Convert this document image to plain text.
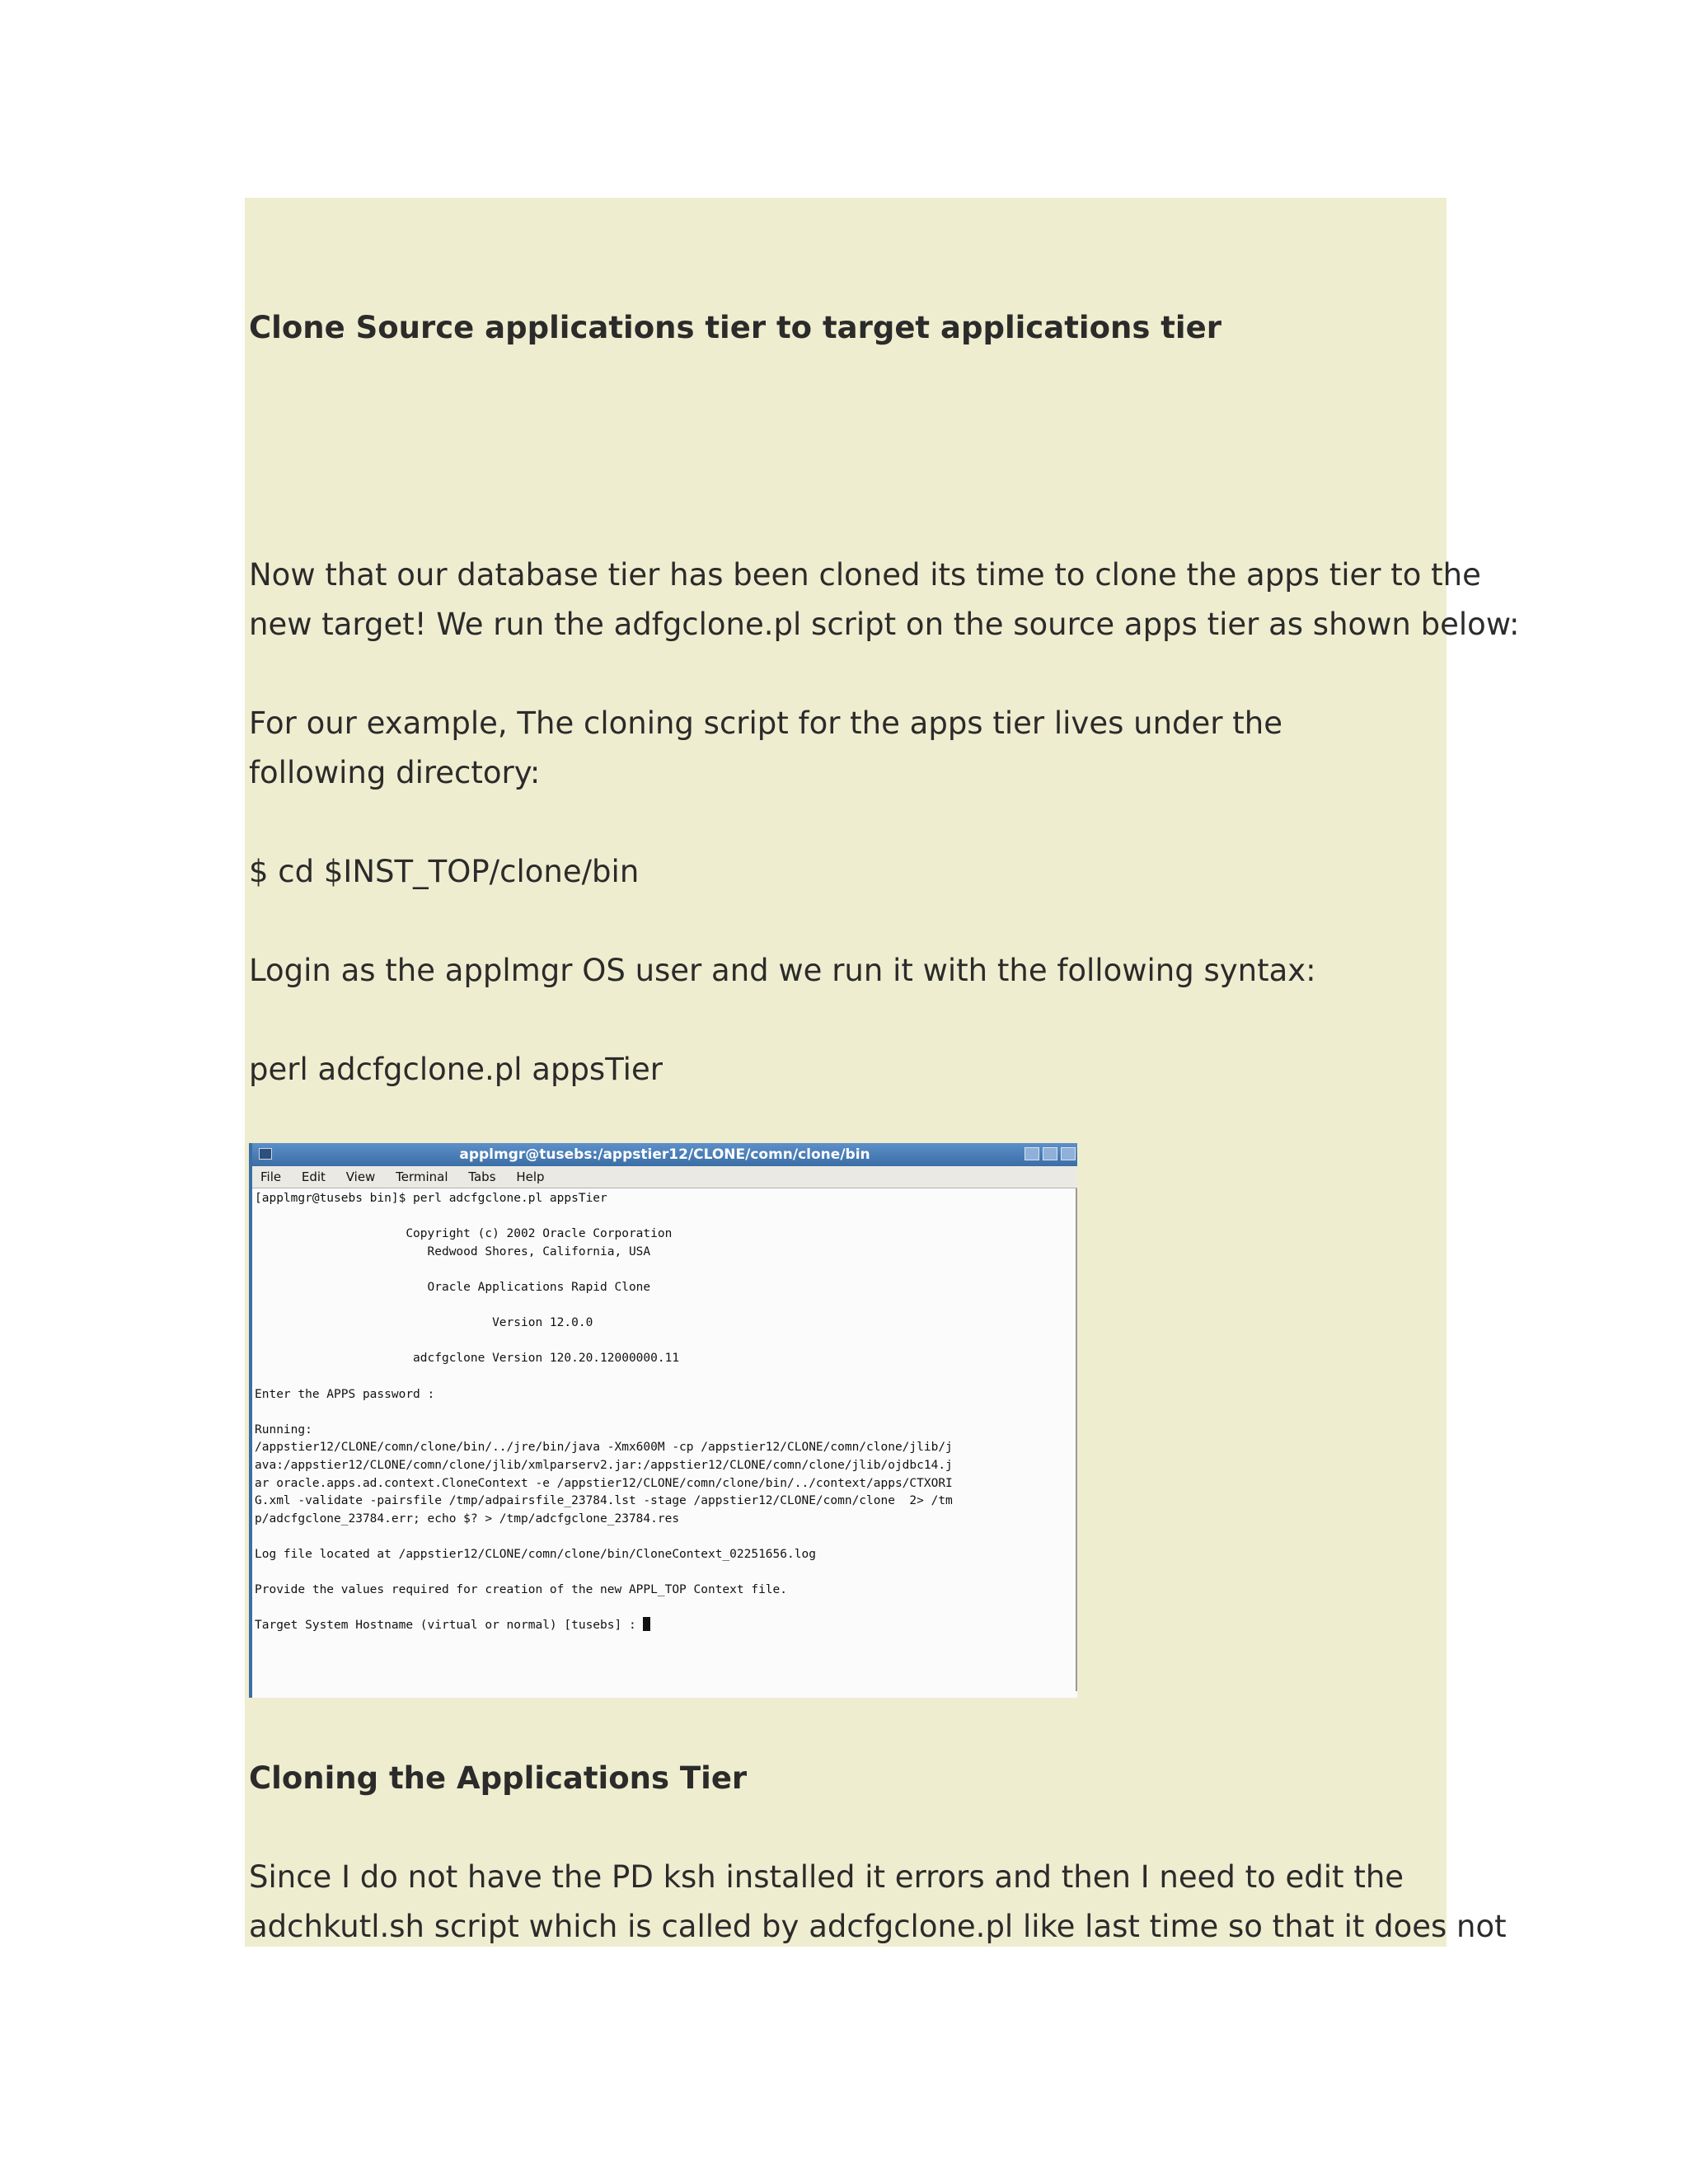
Clone Source applications tier to target applications tier

Now that our database tier has been cloned its time to clone the apps tier to the

new target! We run the adfgclone.pl script on the source apps tier as shown below:

For our example, The cloning script for the apps tier lives under the

following directory:

$ cd $INST_TOP/clone/bin

Login as the applmgr OS user and we run it with the following syntax:

perl adcfgclone.pl appsTier

applmgr@tusebs:/appstier12/CLONE/comn/clone/bin
File Edit View Terminal Tabs Help
[applmgr@tusebs bin]$ perl adcfgclone.pl appsTier

Copyright (c) 2002 Oracle Corporation
Redwood Shores, California, USA

Oracle Applications Rapid Clone

Version 12.0.0

adcfgclone Version 120.20.12000000.11

Enter the APPS password :

Running:
/appstier12/CLONE/comn/clone/bin/../jre/bin/java -Xmx600M -cp /appstier12/CLONE/comn/clone/jlib/j
ava:/appstier12/CLONE/comn/clone/jlib/xmlparserv2.jar:/appstier12/CLONE/comn/clone/jlib/ojdbc14.j
ar oracle.apps.ad.context.CloneContext -e /appstier12/CLONE/comn/clone/bin/../context/apps/CTXORI
G.xml -validate -pairsfile /tmp/adpairsfile_23784.lst -stage /appstier12/CLONE/comn/clone  2> /tm
p/adcfgclone_23784.err; echo $? > /tmp/adcfgclone_23784.res

Log file located at /appstier12/CLONE/comn/clone/bin/CloneContext_02251656.log

Provide the values required for creation of the new APPL_TOP Context file.

Target System Hostname (virtual or normal) [tusebs] :

Cloning the Applications Tier

Since I do not have the PD ksh installed it errors and then I need to edit the

adchkutl.sh script which is called by adcfgclone.pl like last time so that it does not
